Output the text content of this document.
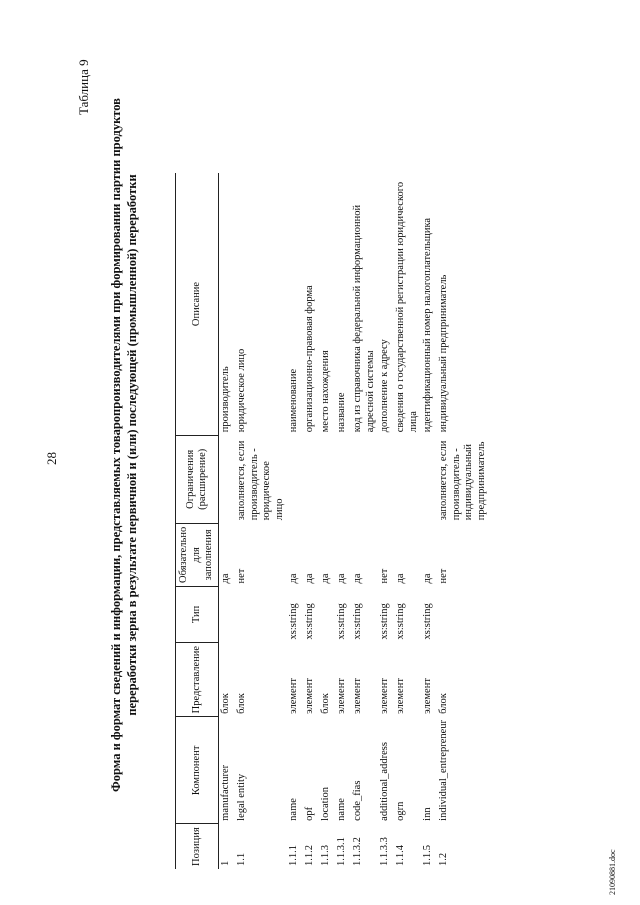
28
Таблица 9
Форма и формат сведений и информации, представляемых товаропроизводителями при формировании партии продуктов переработки зерна в результате первичной и (или) последующей (промышленной) переработки
Позиция	Компонент	Представление	Тип	Обязательно для заполнения	Ограничения (расширение)	Описание
1	manufacturer	блок		да		производитель
1.1	legal entity	блок		нет	заполняется, если производитель - юридическое лицо	юридическое лицо
1.1.1	name	элемент	xs:string	да		наименование
1.1.2	opf	элемент	xs:string	да		организационно-правовая форма
1.1.3	location	блок		да		место нахождения
1.1.3.1	name	элемент	xs:string	да		название
1.1.3.2	code_fias	элемент	xs:string	да		код из справочника федеральной информационной адресной системы
1.1.3.3	additional_address	элемент	xs:string	нет		дополнение к адресу
1.1.4	ogrn	элемент	xs:string	да		сведения о государственной регистрации юридического лица
1.1.5	inn	элемент	xs:string	да		идентификационный номер налогоплательщика
1.2	individual_entrepreneur	блок		нет	заполняется, если производитель - индивидуальный предприниматель	индивидуальный предприниматель
21090881.doc
